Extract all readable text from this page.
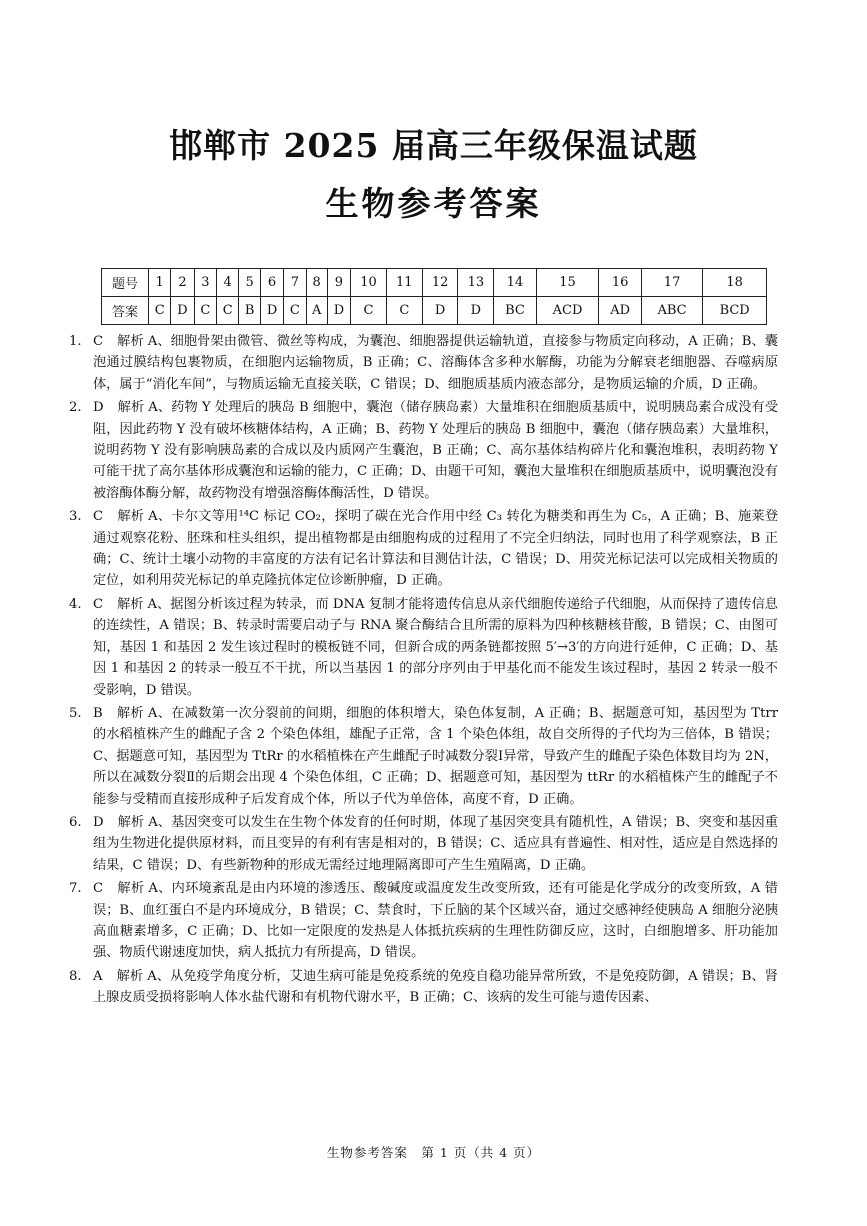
邯郸市 2025 届高三年级保温试题
生物参考答案
题号	1	2	3	4	5	6	7	8	9	10	11	12	13	14	15	16	17	18
答案	C	D	C	C	B	D	C	A	D	C	C	D	D	BC	ACD	AD	ABC	BCD
1. C 解析 A、细胞骨架由微管、微丝等构成，为囊泡、细胞器提供运输轨道，直接参与物质定向移动，A 正确；B、囊泡通过膜结构包裹物质，在细胞内运输物质，B 正确；C、溶酶体含多种水解酶，功能为分解衰老细胞器、吞噬病原体，属于“消化车间”，与物质运输无直接关联，C 错误；D、细胞质基质内液态部分，是物质运输的介质，D 正确。
2. D 解析 A、药物 Y 处理后的胰岛 B 细胞中，囊泡（储存胰岛素）大量堆积在细胞质基质中，说明胰岛素合成没有受阻，因此药物 Y 没有破坏核糖体结构，A 正确；B、药物 Y 处理后的胰岛 B 细胞中，囊泡（储存胰岛素）大量堆积，说明药物 Y 没有影响胰岛素的合成以及内质网产生囊泡，B 正确；C、高尔基体结构碎片化和囊泡堆积，表明药物 Y 可能干扰了高尔基体形成囊泡和运输的能力，C 正确；D、由题干可知，囊泡大量堆积在细胞质基质中，说明囊泡没有被溶酶体酶分解，故药物没有增强溶酶体酶活性，D 错误。
3. C 解析 A、卡尔文等用¹⁴C 标记 CO₂，探明了碳在光合作用中经 C₃ 转化为糖类和再生为 C₅，A 正确；B、施莱登通过观察花粉、胚珠和柱头组织，提出植物都是由细胞构成的过程用了不完全归纳法，同时也用了科学观察法，B 正确；C、统计土壤小动物的丰富度的方法有记名计算法和目测估计法，C 错误；D、用荧光标记法可以完成相关物质的定位，如利用荧光标记的单克隆抗体定位诊断肿瘤，D 正确。
4. C 解析 A、据图分析该过程为转录，而 DNA 复制才能将遗传信息从亲代细胞传递给子代细胞，从而保持了遗传信息的连续性，A 错误；B、转录时需要启动子与 RNA 聚合酶结合且所需的原料为四种核糖核苷酸，B 错误；C、由图可知，基因 1 和基因 2 发生该过程时的模板链不同，但新合成的两条链都按照 5′→3′的方向进行延伸，C 正确；D、基因 1 和基因 2 的转录一般互不干扰，所以当基因 1 的部分序列由于甲基化而不能发生该过程时，基因 2 转录一般不受影响，D 错误。
5. B 解析 A、在减数第一次分裂前的间期，细胞的体积增大，染色体复制，A 正确；B、据题意可知，基因型为 Ttrr 的水稻植株产生的雌配子含 2 个染色体组，雄配子正常，含 1 个染色体组，故自交所得的子代均为三倍体，B 错误；C、据题意可知，基因型为 TtRr 的水稻植株在产生雌配子时减数分裂Ⅰ异常，导致产生的雌配子染色体数目均为 2N，所以在减数分裂Ⅱ的后期会出现 4 个染色体组，C 正确；D、据题意可知，基因型为 ttRr 的水稻植株产生的雌配子不能参与受精而直接形成种子后发育成个体，所以子代为单倍体，高度不育，D 正确。
6. D 解析 A、基因突变可以发生在生物个体发育的任何时期，体现了基因突变具有随机性，A 错误；B、突变和基因重组为生物进化提供原材料，而且变异的有利有害是相对的，B 错误；C、适应具有普遍性、相对性，适应是自然选择的结果，C 错误；D、有些新物种的形成无需经过地理隔离即可产生生殖隔离，D 正确。
7. C 解析 A、内环境紊乱是由内环境的渗透压、酸碱度或温度发生改变所致，还有可能是化学成分的改变所致，A 错误；B、血红蛋白不是内环境成分，B 错误；C、禁食时，下丘脑的某个区域兴奋，通过交感神经使胰岛 A 细胞分泌胰高血糖素增多，C 正确；D、比如一定限度的发热是人体抵抗疾病的生理性防御反应，这时，白细胞增多、肝功能加强、物质代谢速度加快，病人抵抗力有所提高，D 错误。
8. A 解析 A、从免疫学角度分析，艾迪生病可能是免疫系统的免疫自稳功能异常所致，不是免疫防御，A 错误；B、肾上腺皮质受损将影响人体水盐代谢和有机物代谢水平，B 正确；C、该病的发生可能与遗传因素、
生物参考答案　第 1 页（共 4 页）
